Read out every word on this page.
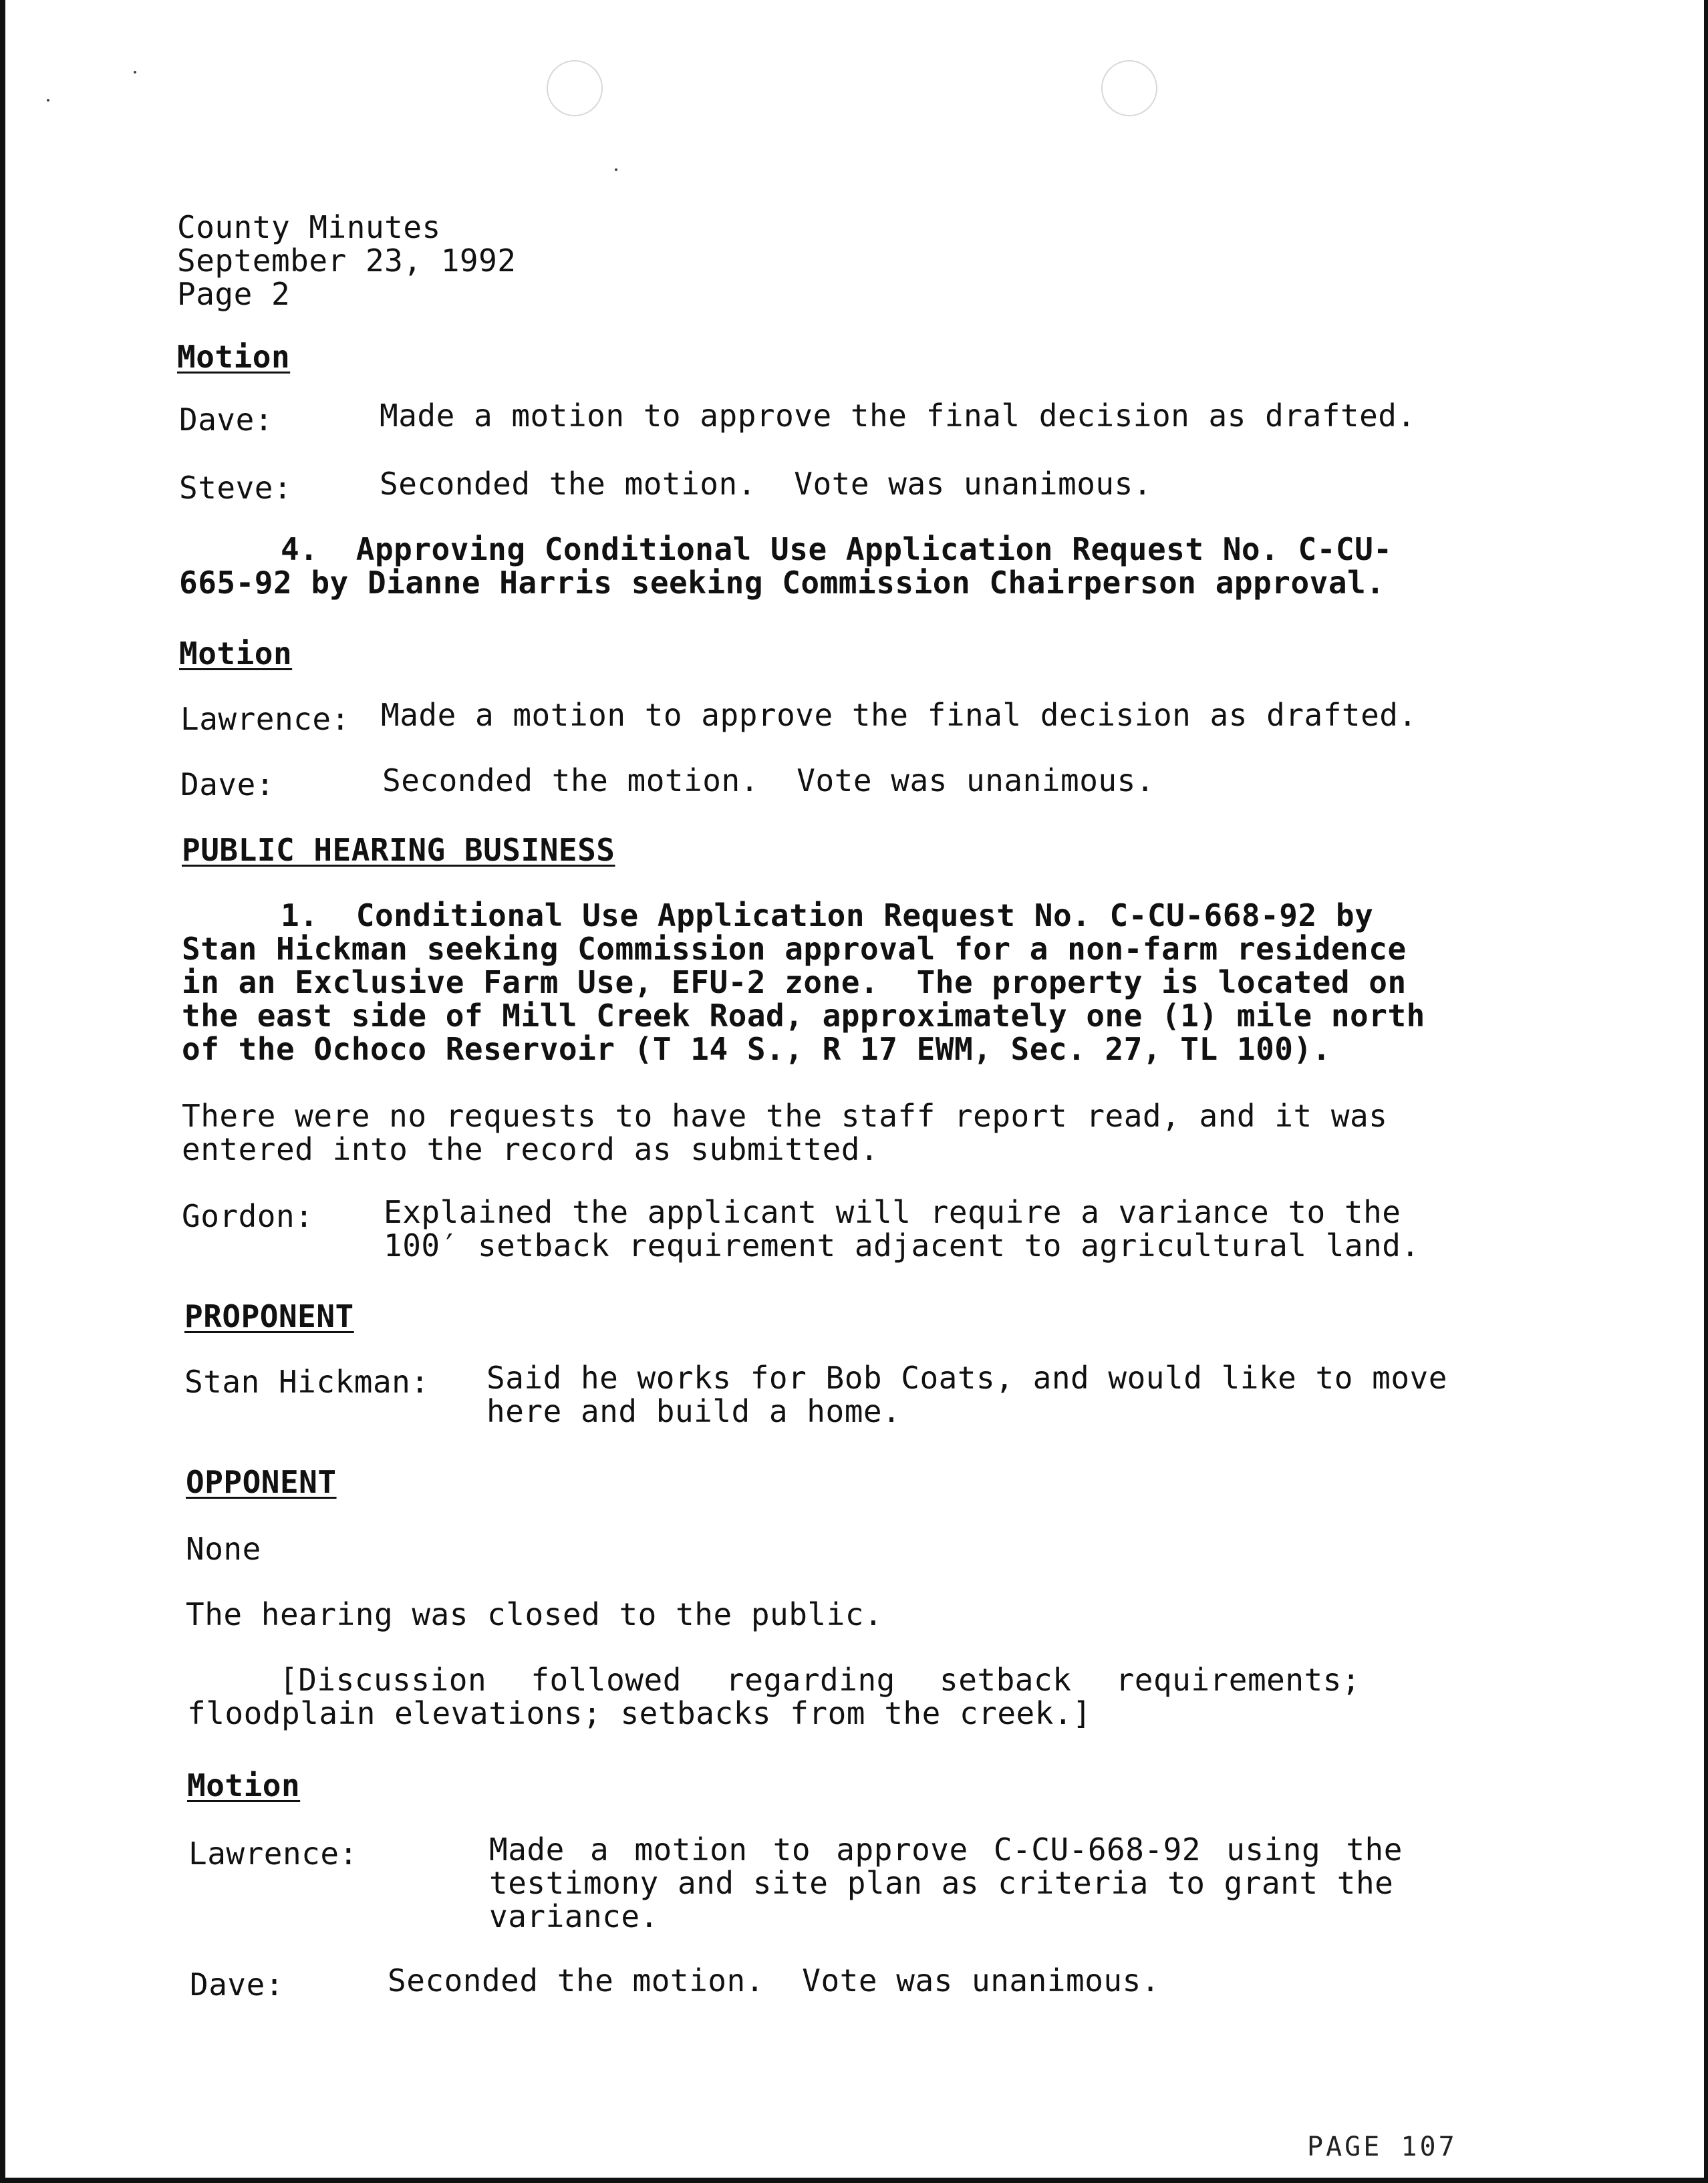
County Minutes
September 23, 1992
Page 2
Motion
Dave:	Made a motion to approve the final decision as drafted.
Steve:	Seconded the motion.  Vote was unanimous.
4.  Approving Conditional Use Application Request No. C-CU-
665-92 by Dianne Harris seeking Commission Chairperson approval.
Motion
Lawrence: Made a motion to approve the final decision as drafted.
Dave:	Seconded the motion.  Vote was unanimous.
PUBLIC HEARING BUSINESS
1.  Conditional Use Application Request No. C-CU-668-92 by
Stan Hickman seeking Commission approval for a non-farm residence
in an Exclusive Farm Use, EFU-2 zone.  The property is located on
the east side of Mill Creek Road, approximately one (1) mile north
of the Ochoco Reservoir (T 14 S., R 17 EWM, Sec. 27, TL 100).
There were no requests to have the staff report read, and it was
entered into the record as submitted.
Gordon: Explained the applicant will require a variance to the
100′ setback requirement adjacent to agricultural land.
PROPONENT
Stan Hickman: Said he works for Bob Coats, and would like to move
here and build a home.
OPPONENT
None
The hearing was closed to the public.
[Discussion followed regarding setback requirements;
floodplain elevations; setbacks from the creek.]
Motion
Lawrence:	Made a motion to approve C-CU-668-92 using the
testimony and site plan as criteria to grant the
variance.
Dave:	Seconded the motion.  Vote was unanimous.
PAGE 107
